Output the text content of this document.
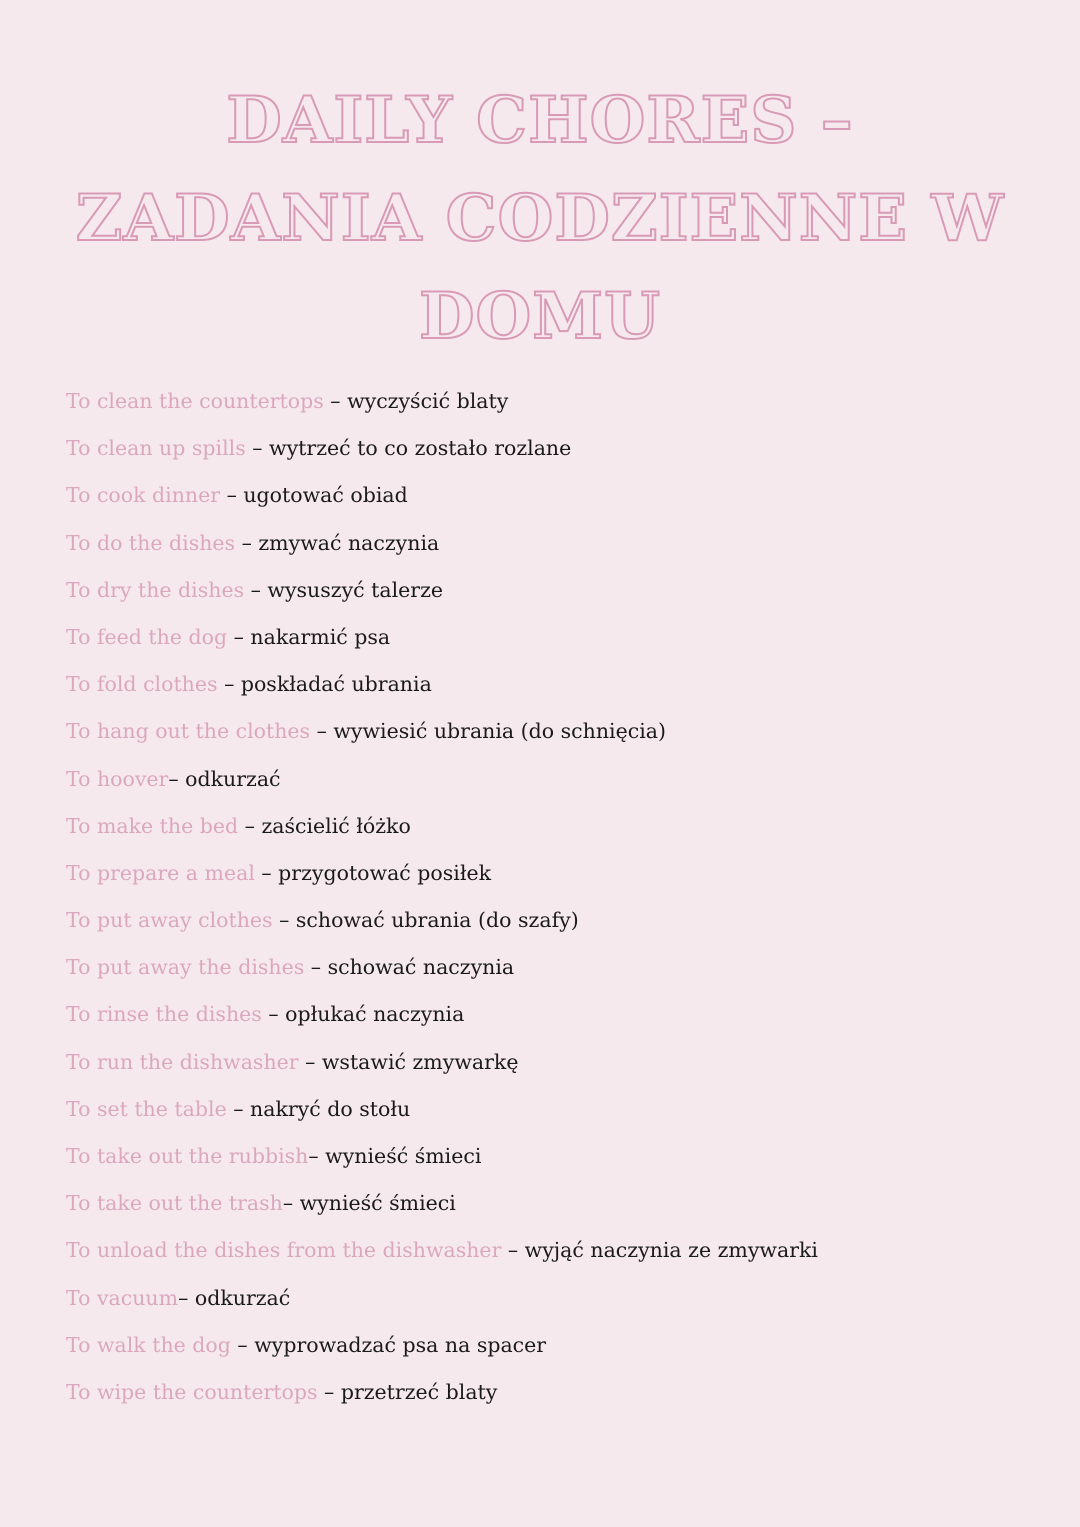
DAILY CHORES –
ZADANIA CODZIENNE W
DOMU
To clean the countertops – wyczyścić blaty
To clean up spills – wytrzeć to co zostało rozlane
To cook dinner – ugotować obiad
To do the dishes – zmywać naczynia
To dry the dishes – wysuszyć talerze
To feed the dog – nakarmić psa
To fold clothes – poskładać ubrania
To hang out the clothes – wywiesić ubrania (do schnięcia)
To hoover– odkurzać
To make the bed – zaścielić łóżko
To prepare a meal – przygotować posiłek
To put away clothes – schować ubrania (do szafy)
To put away the dishes – schować naczynia
To rinse the dishes – opłukać naczynia
To run the dishwasher – wstawić zmywarkę
To set the table – nakryć do stołu
To take out the rubbish– wynieść śmieci
To take out the trash– wynieść śmieci
To unload the dishes from the dishwasher – wyjąć naczynia ze zmywarki
To vacuum– odkurzać
To walk the dog – wyprowadzać psa na spacer
To wipe the countertops – przetrzeć blaty
